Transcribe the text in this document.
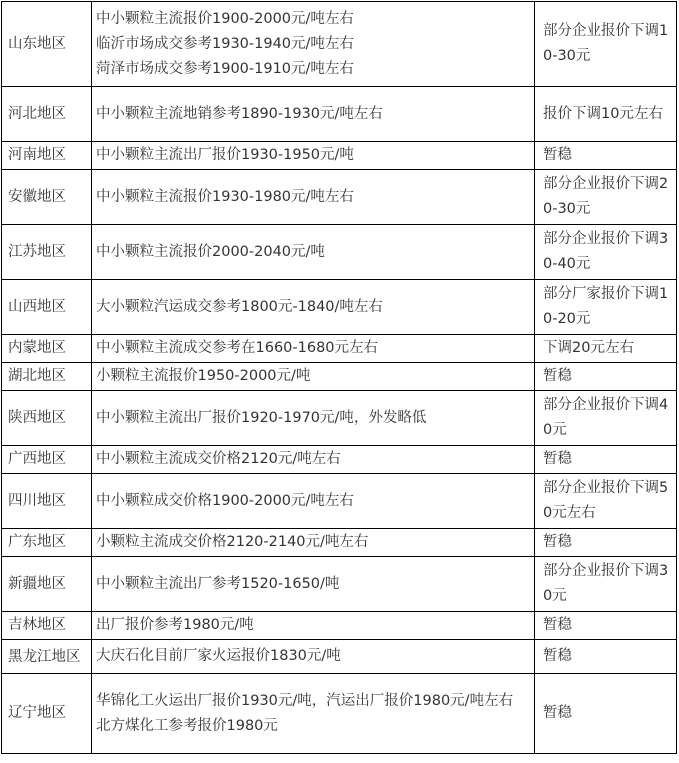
山东地区	中小颗粒主流报价1900-2000元/吨左右
临沂市场成交参考1930-1940元/吨左右
菏泽市场成交参考1900-1910元/吨左右	部分企业报价下调10-30元
河北地区	中小颗粒主流地销参考1890-1930元/吨左右	报价下调10元左右
河南地区	中小颗粒主流出厂报价1930-1950元/吨	暂稳
安徽地区	中小颗粒主流报价1930-1980元/吨左右	部分企业报价下调20-30元
江苏地区	中小颗粒主流报价2000-2040元/吨	部分企业报价下调30-40元
山西地区	大小颗粒汽运成交参考1800元-1840/吨左右	部分厂家报价下调10-20元
内蒙地区	中小颗粒主流成交参考在1660-1680元左右	下调20元左右
湖北地区	小颗粒主流报价1950-2000元/吨	暂稳
陕西地区	中小颗粒主流出厂报价1920-1970元/吨，外发略低	部分企业报价下调40元
广西地区	中小颗粒主流成交价格2120元/吨左右	暂稳
四川地区	中小颗粒成交价格1900-2000元/吨左右	部分企业报价下调50元左右
广东地区	小颗粒主流成交价格2120-2140元/吨左右	暂稳
新疆地区	中小颗粒主流出厂参考1520-1650/吨	部分企业报价下调30元
吉林地区	出厂报价参考1980元/吨	暂稳
黑龙江地区	大庆石化目前厂家火运报价1830元/吨	暂稳
辽宁地区	华锦化工火运出厂报价1930元/吨，汽运出厂报价1980元/吨左右
北方煤化工参考报价1980元	暂稳
